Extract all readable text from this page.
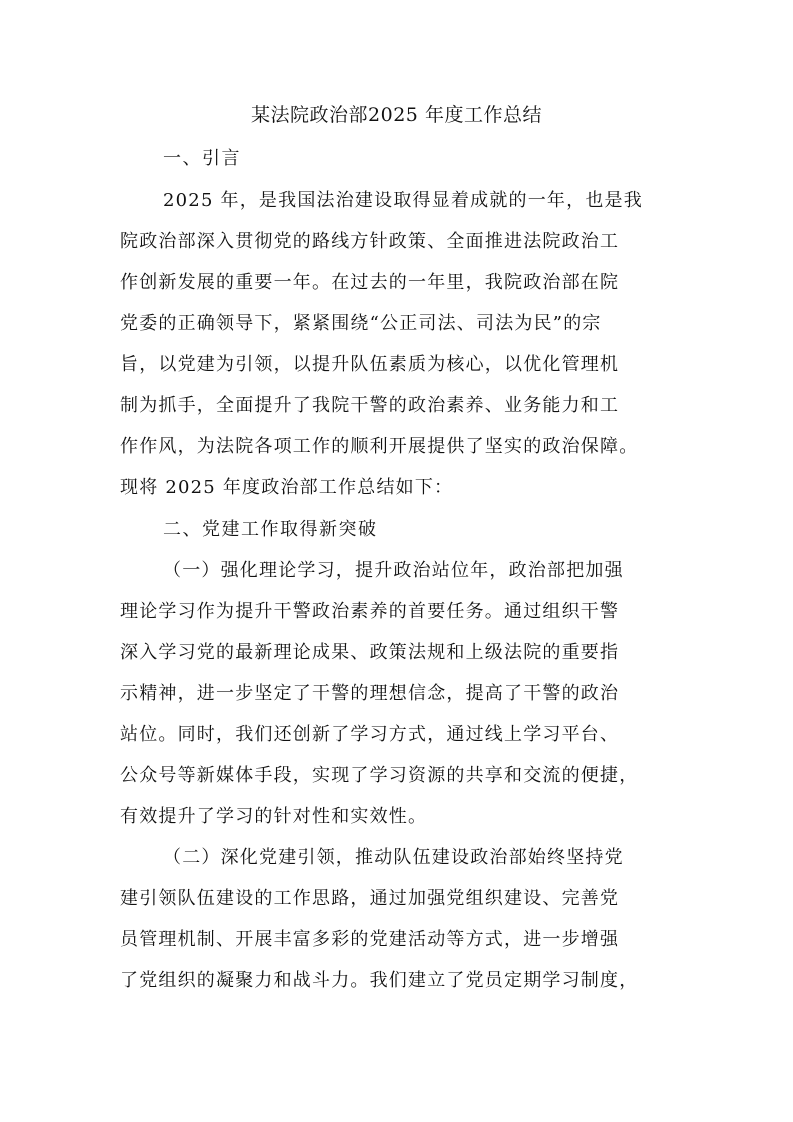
某法院政治部2025 年度工作总结

一、引言

2025 年，是我国法治建设取得显着成就的一年，也是我

院政治部深入贯彻党的路线方针政策、全面推进法院政治工

作创新发展的重要一年。在过去的一年里，我院政治部在院

党委的正确领导下，紧紧围绕“公正司法、司法为民”的宗

旨，以党建为引领，以提升队伍素质为核心，以优化管理机

制为抓手，全面提升了我院干警的政治素养、业务能力和工

作作风，为法院各项工作的顺利开展提供了坚实的政治保障。

现将 2025 年度政治部工作总结如下：

二、党建工作取得新突破

（一）强化理论学习，提升政治站位年，政治部把加强

理论学习作为提升干警政治素养的首要任务。通过组织干警

深入学习党的最新理论成果、政策法规和上级法院的重要指

示精神，进一步坚定了干警的理想信念，提高了干警的政治

站位。同时，我们还创新了学习方式，通过线上学习平台、

公众号等新媒体手段，实现了学习资源的共享和交流的便捷，

有效提升了学习的针对性和实效性。

（二）深化党建引领，推动队伍建设政治部始终坚持党

建引领队伍建设的工作思路，通过加强党组织建设、完善党

员管理机制、开展丰富多彩的党建活动等方式，进一步增强

了党组织的凝聚力和战斗力。我们建立了党员定期学习制度，
